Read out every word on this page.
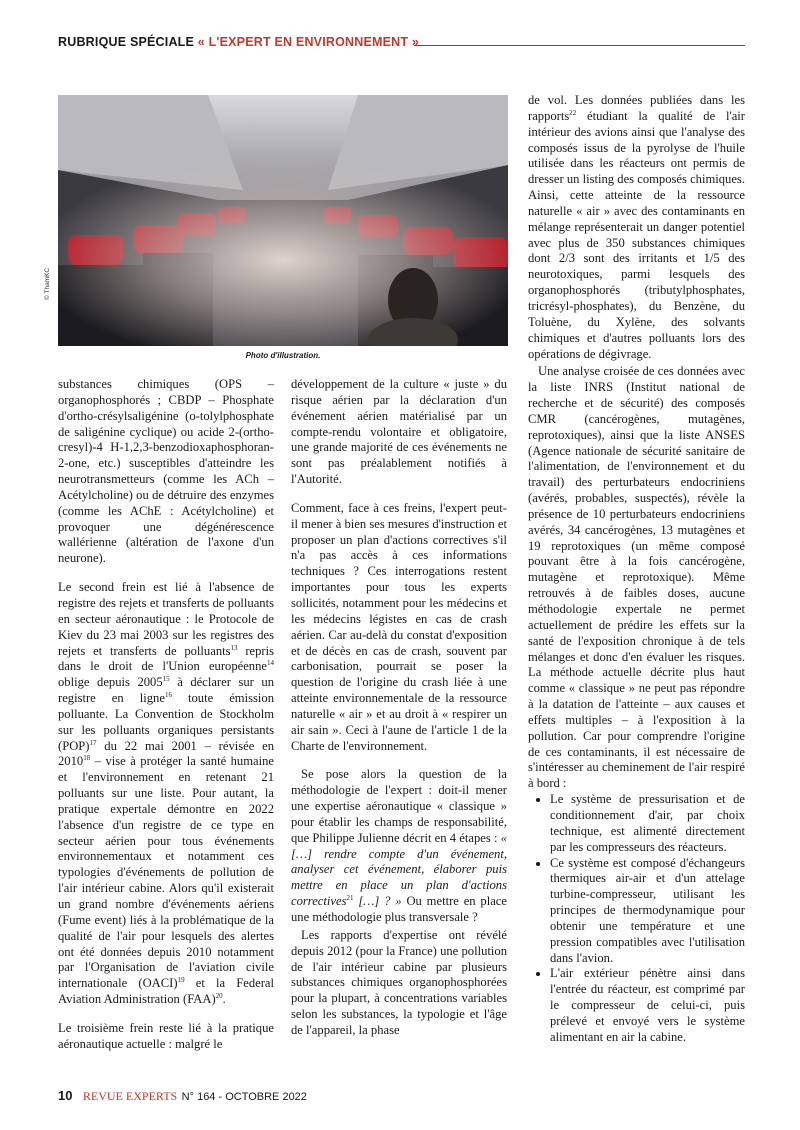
RUBRIQUE SPÉCIALE « L'EXPERT EN ENVIRONNEMENT »
© ThamKC
Photo d'illustration.

substances chimiques (OPS – organophosphorés ; CBDP – Phosphate d'ortho-crésylsaligénine (o-tolylphosphate de saligénine cyclique) ou acide 2-(ortho-cresyl)-4 H-1,2,3-benzodioxaphosphoran-2-one, etc.) susceptibles d'atteindre les neurotransmetteurs (comme les ACh – Acétylcholine) ou de détruire des enzymes (comme les AChE : Acétylcholine) et provoquer une dégénérescence wallérienne (altération de l'axone d'un neurone).

Le second frein est lié à l'absence de registre des rejets et transferts de polluants en secteur aéronautique : le Protocole de Kiev du 23 mai 2003 sur les registres des rejets et transferts de polluants$^{13}$ repris dans le droit de l'Union européenne$^{14}$ oblige depuis 2005$^{15}$ à déclarer sur un registre en ligne$^{16}$ toute émission polluante. La Convention de Stockholm sur les polluants organiques persistants (POP)$^{17}$ du 22 mai 2001 – révisée en 2010$^{18}$ – vise à protéger la santé humaine et l'environnement en retenant 21 polluants sur une liste. Pour autant, la pratique expertale démontre en 2022 l'absence d'un registre de ce type en secteur aérien pour tous événements environnementaux et notamment ces typologies d'événements de pollution de l'air intérieur cabine. Alors qu'il existerait un grand nombre d'événements aériens (Fume event) liés à la problématique de la qualité de l'air pour lesquels des alertes ont été données depuis 2010 notamment par l'Organisation de l'aviation civile internationale (OACI)$^{19}$ et la Federal Aviation Administration (FAA)$^{20}$.

Le troisième frein reste lié à la pratique aéronautique actuelle : malgré le

développement de la culture « juste » du risque aérien par la déclaration d'un événement aérien matérialisé par un compte-rendu volontaire et obligatoire, une grande majorité de ces événements ne sont pas préalablement notifiés à l'Autorité.

Comment, face à ces freins, l'expert peut-il mener à bien ses mesures d'instruction et proposer un plan d'actions correctives s'il n'a pas accès à ces informations techniques ? Ces interrogations restent importantes pour tous les experts sollicités, notamment pour les médecins et les médecins légistes en cas de crash aérien. Car au-delà du constat d'exposition et de décès en cas de crash, souvent par carbonisation, pourrait se poser la question de l'origine du crash liée à une atteinte environnementale de la ressource naturelle « air » et au droit à « respirer un air sain ». Ceci à l'aune de l'article 1 de la Charte de l'environnement.

Se pose alors la question de la méthodologie de l'expert : doit-il mener une expertise aéronautique « classique » pour établir les champs de responsabilité, que Philippe Julienne décrit en 4 étapes : « […] rendre compte d'un événement, analyser cet événement, élaborer puis mettre en place un plan d'actions correctives$^{21}$ […] ? » Ou mettre en place une méthodologie plus transversale ?

Les rapports d'expertise ont révélé depuis 2012 (pour la France) une pollution de l'air intérieur cabine par plusieurs substances chimiques organophosphorées pour la plupart, à concentrations variables selon les substances, la typologie et l'âge de l'appareil, la phase

de vol. Les données publiées dans les rapports$^{22}$ étudiant la qualité de l'air intérieur des avions ainsi que l'analyse des composés issus de la pyrolyse de l'huile utilisée dans les réacteurs ont permis de dresser un listing des composés chimiques. Ainsi, cette atteinte de la ressource naturelle « air » avec des contaminants en mélange représenterait un danger potentiel avec plus de 350 substances chimiques dont 2/3 sont des irritants et 1/5 des neurotoxiques, parmi lesquels des organophosphorés (tributylphosphates, tricrésyl-phosphates), du Benzène, du Toluène, du Xylène, des solvants chimiques et d'autres polluants lors des opérations de dégivrage.

Une analyse croisée de ces données avec la liste INRS (Institut national de recherche et de sécurité) des composés CMR (cancérogènes, mutagènes, reprotoxiques), ainsi que la liste ANSES (Agence nationale de sécurité sanitaire de l'alimentation, de l'environnement et du travail) des perturbateurs endocriniens (avérés, probables, suspectés), révèle la présence de 10 perturbateurs endocriniens avérés, 34 cancérogènes, 13 mutagènes et 19 reprotoxiques (un même composé pouvant être à la fois cancérogène, mutagène et reprotoxique). Même retrouvés à de faibles doses, aucune méthodologie expertale ne permet actuellement de prédire les effets sur la santé de l'exposition chronique à de tels mélanges et donc d'en évaluer les risques. La méthode actuelle décrite plus haut comme « classique » ne peut pas répondre à la datation de l'atteinte – aux causes et effets multiples – à l'exposition à la pollution. Car pour comprendre l'origine de ces contaminants, il est nécessaire de s'intéresser au cheminement de l'air respiré à bord :

• Le système de pressurisation et de conditionnement d'air, par choix technique, est alimenté directement par les compresseurs des réacteurs.
• Ce système est composé d'échangeurs thermiques air-air et d'un attelage turbine-compresseur, utilisant les principes de thermodynamique pour obtenir une température et une pression compatibles avec l'utilisation dans l'avion.
• L'air extérieur pénètre ainsi dans l'entrée du réacteur, est comprimé par le compresseur de celui-ci, puis prélevé et envoyé vers le système alimentant en air la cabine.
10 REVUE EXPERTS N° 164 - OCTOBRE 2022
